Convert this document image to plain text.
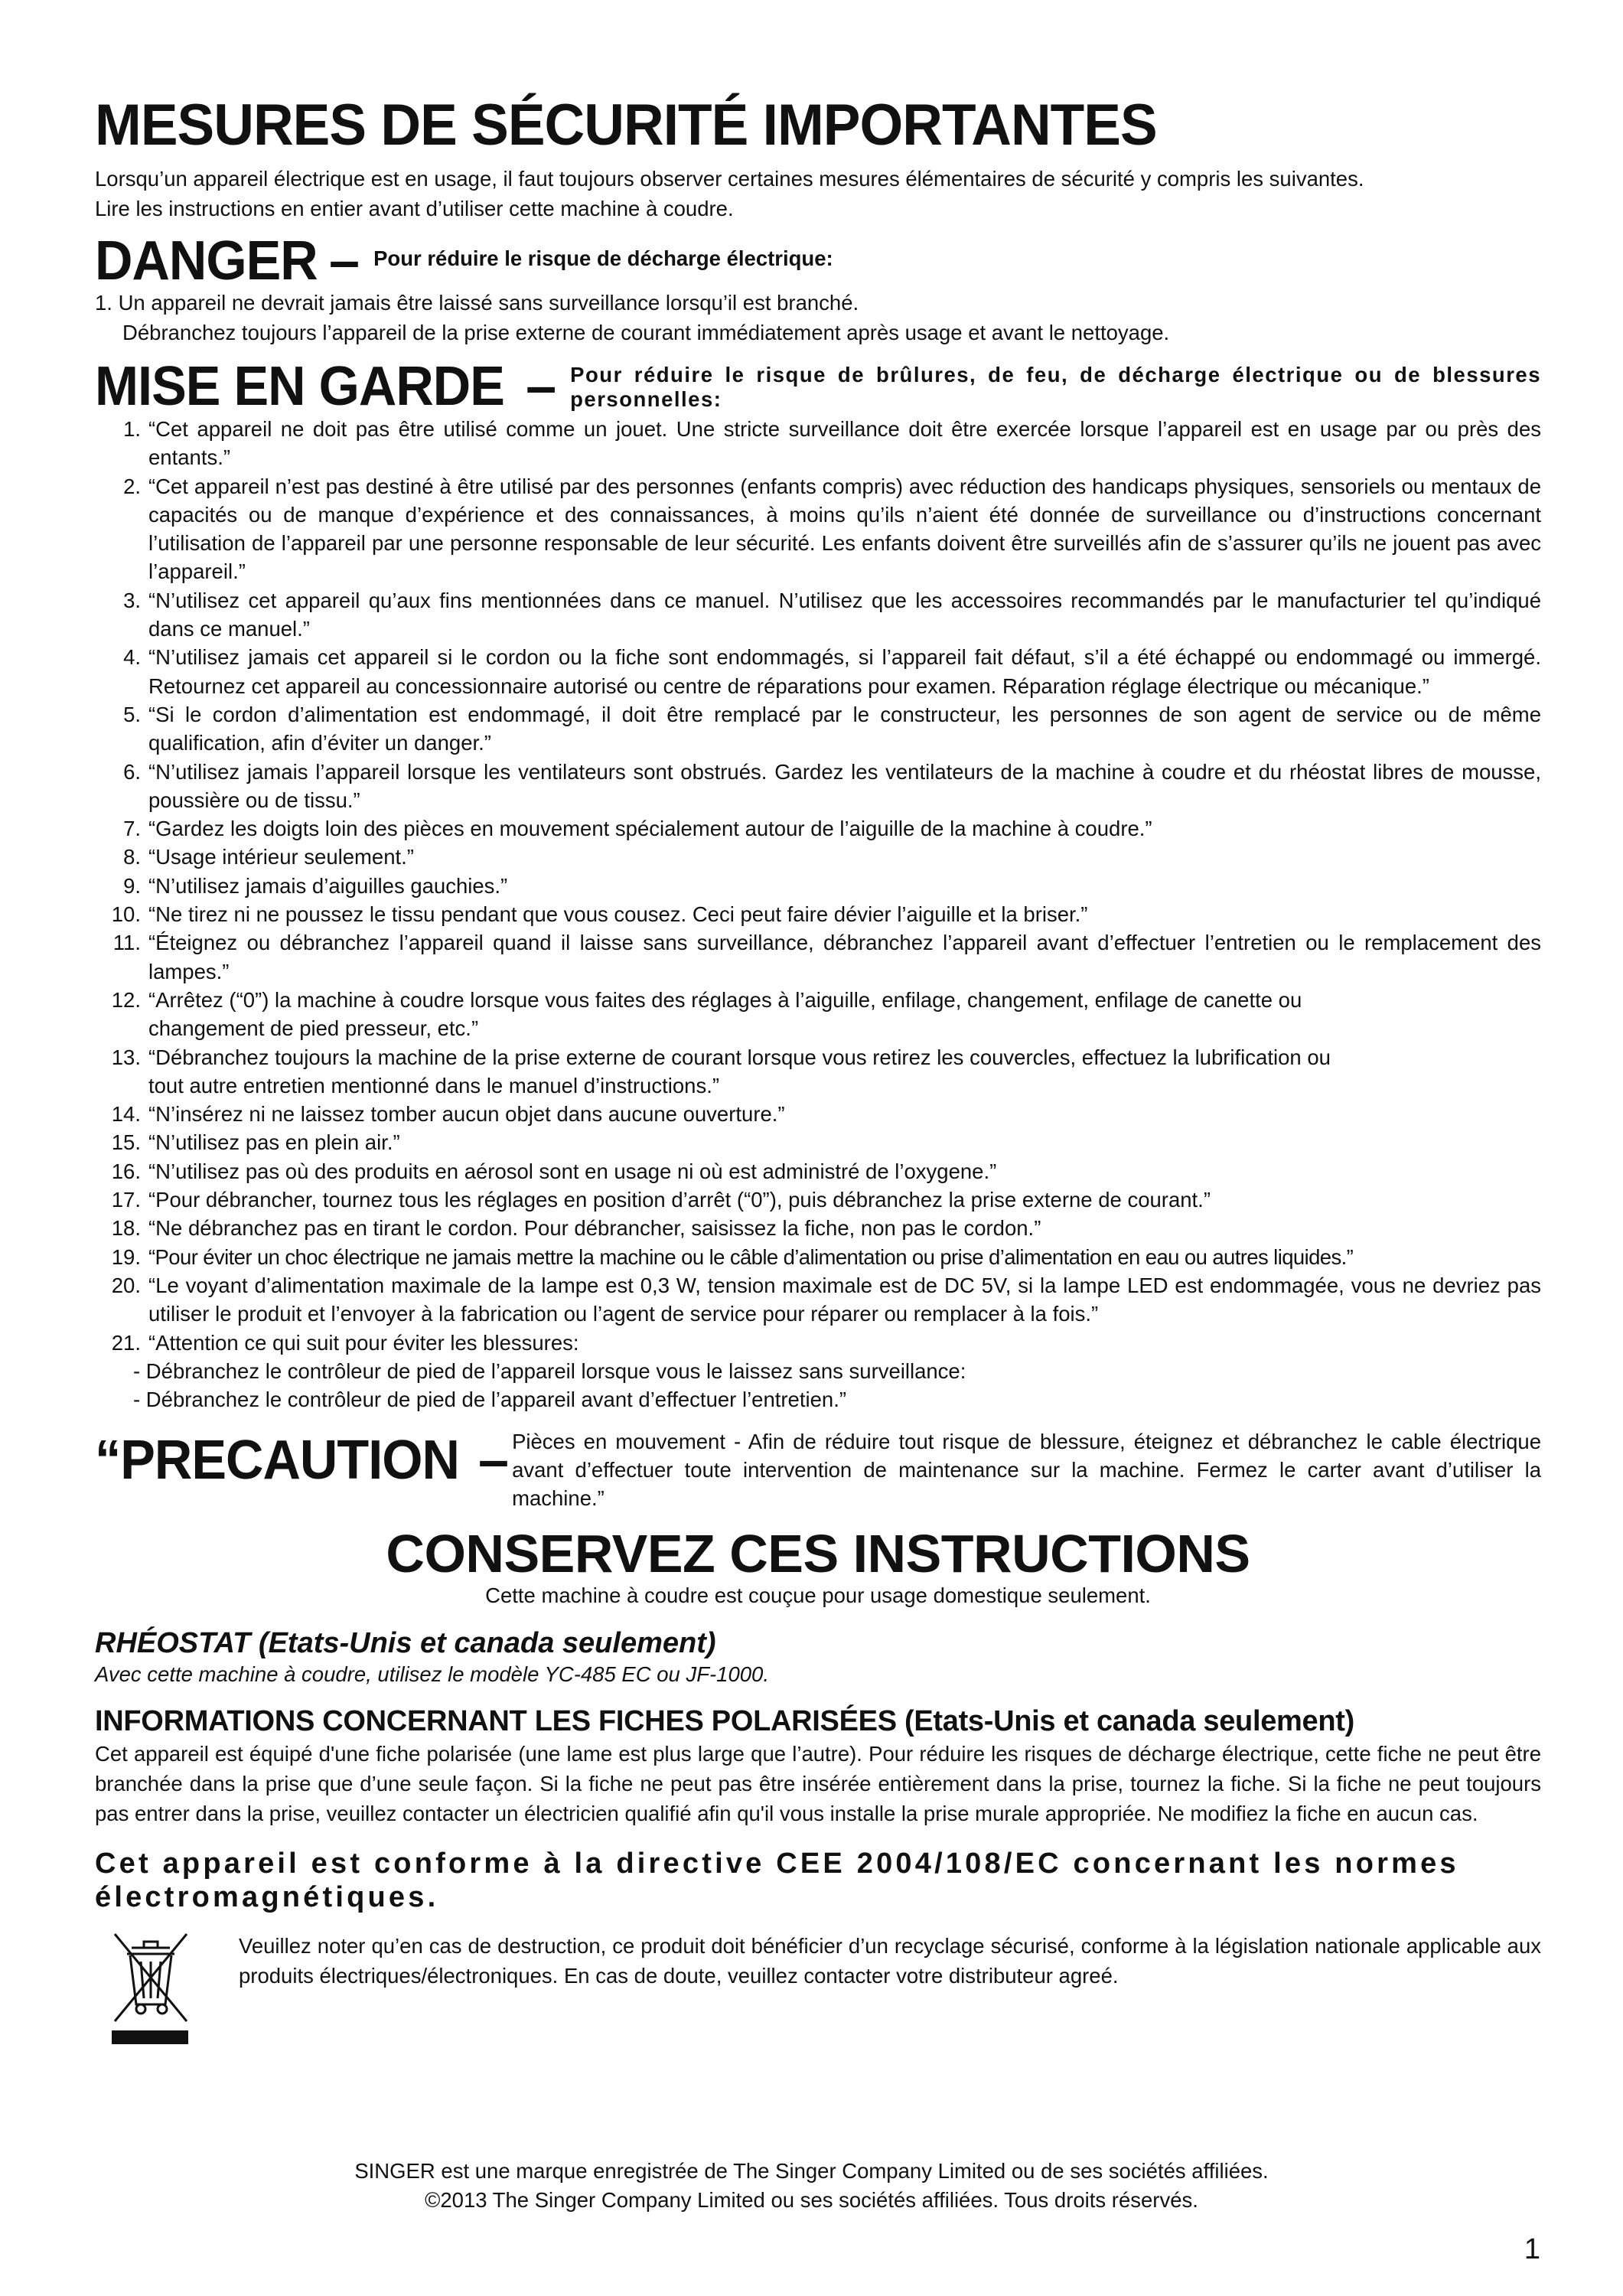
MESURES DE SÉCURITÉ IMPORTANTES

Lorsqu’un appareil électrique est en usage, il faut toujours observer certaines mesures élémentaires de sécurité y compris les suivantes.

Lire les instructions en entier avant d’utiliser cette machine à coudre.

DANGER – Pour réduire le risque de décharge électrique:

1. Un appareil ne devrait jamais être laissé sans surveillance lorsqu’il est branché.

Débranchez toujours l’appareil de la prise externe de courant immédiatement après usage et avant le nettoyage.

MISE EN GARDE – Pour réduire le risque de brûlures, de feu, de décharge électrique ou de blessures personnelles:
1. “Cet appareil ne doit pas être utilisé comme un jouet. Une stricte surveillance doit être exercée lorsque l’appareil est en usage par ou près des entants.”
2. “Cet appareil n’est pas destiné à être utilisé par des personnes (enfants compris) avec réduction des handicaps physiques, sensoriels ou mentaux de capacités ou de manque d’expérience et des connaissances, à moins qu’ils n’aient été donnée de surveillance ou d’instructions concernant l’utilisation de l’appareil par une personne responsable de leur sécurité. Les enfants doivent être surveillés afin de s’assurer qu’ils ne jouent pas avec l’appareil.”
3. “N’utilisez cet appareil qu’aux fins mentionnées dans ce manuel. N’utilisez que les accessoires recommandés par le manufacturier tel qu’indiqué dans ce manuel.”
4. “N’utilisez jamais cet appareil si le cordon ou la fiche sont endommagés, si l’appareil fait défaut, s’il a été échappé ou endommagé ou immergé. Retournez cet appareil au concessionnaire autorisé ou centre de réparations pour examen. Réparation réglage électrique ou mécanique.”
5. “Si le cordon d’alimentation est endommagé, il doit être remplacé par le constructeur, les personnes de son agent de service ou de même qualification, afin d’éviter un danger.”
6. “N’utilisez jamais l’appareil lorsque les ventilateurs sont obstrués. Gardez les ventilateurs de la machine à coudre et du rhéostat libres de mousse, poussière ou de tissu.”
7. “Gardez les doigts loin des pièces en mouvement spécialement autour de l’aiguille de la machine à coudre.”
8. “Usage intérieur seulement.”
9. “N’utilisez jamais d’aiguilles gauchies.”
10. “Ne tirez ni ne poussez le tissu pendant que vous cousez. Ceci peut faire dévier l’aiguille et la briser.”
11. “Éteignez ou débranchez l’appareil quand il laisse sans surveillance, débranchez l’appareil avant d’effectuer l’entretien ou le remplacement des lampes.”
12. “Arrêtez (“0”) la machine à coudre lorsque vous faites des réglages à l’aiguille, enfilage, changement, enfilage de canette ou changement de pied presseur, etc.”
13. “Débranchez toujours la machine de la prise externe de courant lorsque vous retirez les couvercles, effectuez la lubrification ou tout autre entretien mentionné dans le manuel d’instructions.”
14. “N’insérez ni ne laissez tomber aucun objet dans aucune ouverture.”
15. “N’utilisez pas en plein air.”
16. “N’utilisez pas où des produits en aérosol sont en usage ni où est administré de l’oxygene.”
17. “Pour débrancher, tournez tous les réglages en position d’arrêt (“0”), puis débranchez la prise externe de courant.”
18. “Ne débranchez pas en tirant le cordon. Pour débrancher, saisissez la fiche, non pas le cordon.”
19. “Pour éviter un choc électrique ne jamais mettre la machine ou le câble d’alimentation ou prise d’alimentation en eau ou autres liquides.”
20. “Le voyant d’alimentation maximale de la lampe est 0,3 W, tension maximale est de DC 5V, si la lampe LED est endommagée, vous ne devriez pas utiliser le produit et l’envoyer à la fabrication ou l’agent de service pour réparer ou remplacer à la fois.”
21. “Attention ce qui suit pour éviter les blessures:
- Débranchez le contrôleur de pied de l’appareil lorsque vous le laissez sans surveillance:
- Débranchez le contrôleur de pied de l’appareil avant d’effectuer l’entretien.”
“PRECAUTION – Pièces en mouvement - Afin de réduire tout risque de blessure, éteignez et débranchez le cable électrique avant d’effectuer toute intervention de maintenance sur la machine. Fermez le carter avant d’utiliser la machine.”
CONSERVEZ CES INSTRUCTIONS
Cette machine à coudre est couçue pour usage domestique seulement.
RHÉOSTAT (Etats-Unis et canada seulement)
Avec cette machine à coudre, utilisez le modèle YC-485 EC ou JF-1000.
INFORMATIONS CONCERNANT LES FICHES POLARISÉES (Etats-Unis et canada seulement)

Cet appareil est équipé d'une fiche polarisée (une lame est plus large que l’autre). Pour réduire les risques de décharge électrique, cette fiche ne peut être branchée dans la prise que d’une seule façon. Si la fiche ne peut pas être insérée entièrement dans la prise, tournez la fiche. Si la fiche ne peut toujours pas entrer dans la prise, veuillez contacter un électricien qualifié afin qu'il vous installe la prise murale appropriée. Ne modifiez la fiche en aucun cas.

Cet appareil est conforme à la directive CEE 2004/108/EC concernant les normes électromagnétiques.
Veuillez noter qu’en cas de destruction, ce produit doit bénéficier d’un recyclage sécurisé, conforme à la législation nationale applicable aux produits électriques/électroniques. En cas de doute, veuillez contacter votre distributeur agreé.
SINGER est une marque enregistrée de The Singer Company Limited ou de ses sociétés affiliées.
©2013 The Singer Company Limited ou ses sociétés affiliées. Tous droits réservés.
1
